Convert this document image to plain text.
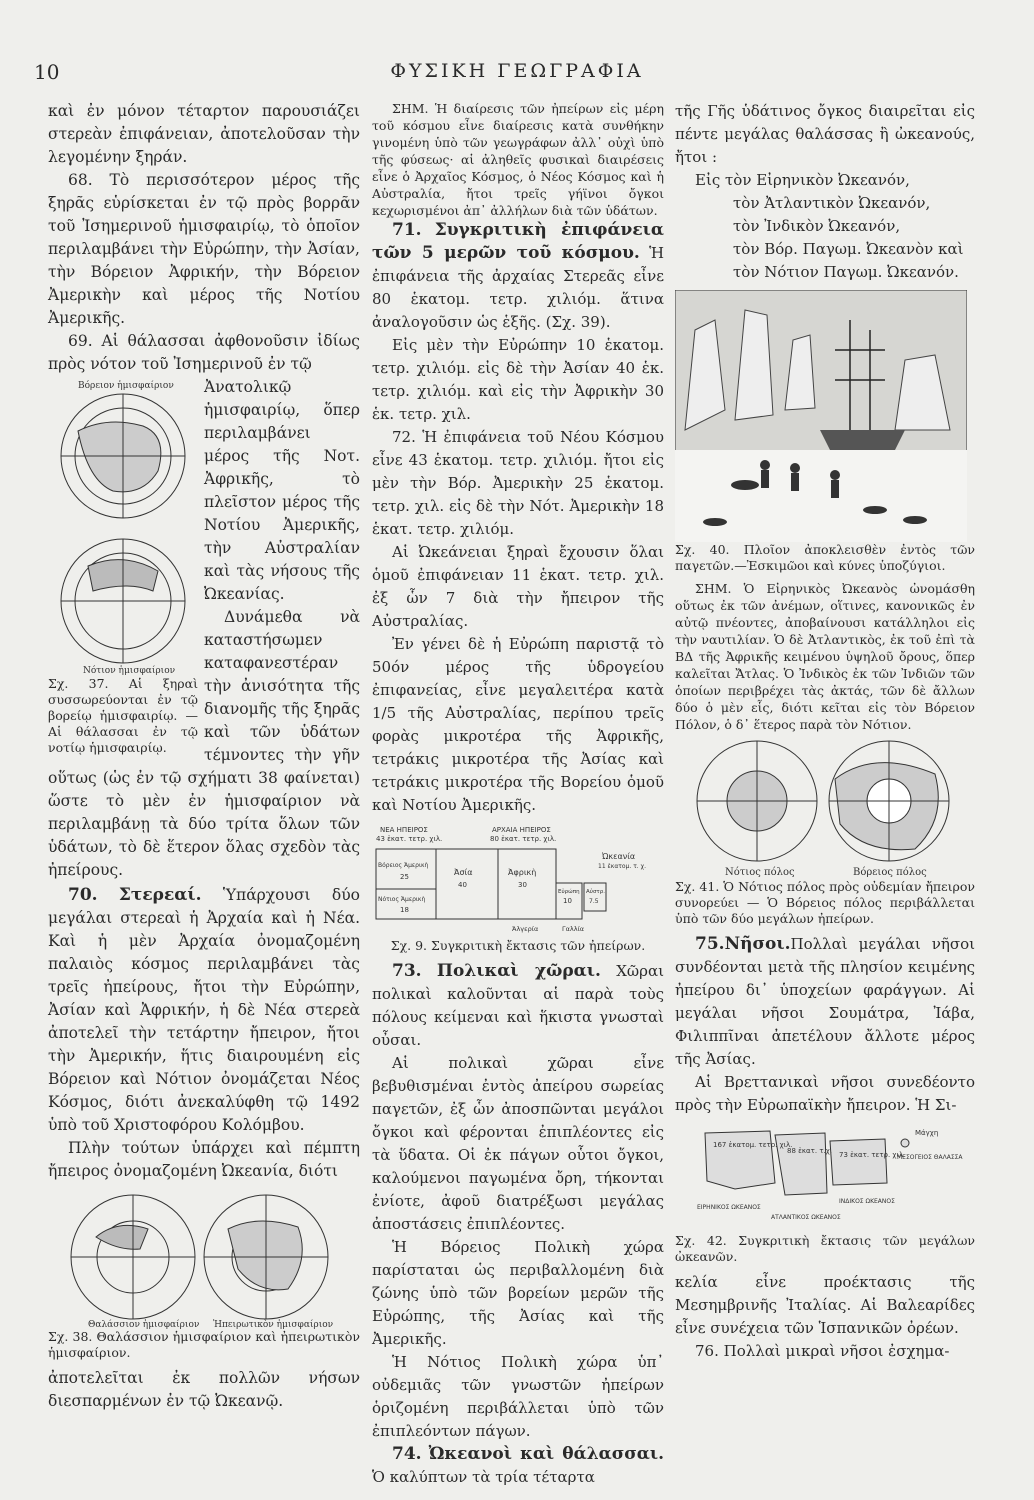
ΦΥΣΙΚΗ ΓΕΩΓΡΑΦΙΑ
10

καὶ ἐν μόνον τέταρτον παρουσιάζει στερεὰν ἐπιφάνειαν, ἀποτελοῦσαν τὴν λεγομένην ξηράν.

68. Τὸ περισσότερον μέρος τῆς ξηρᾶς εὑρίσκεται ἐν τῷ πρὸς βορρᾶν τοῦ Ἰσημερινοῦ ἡμισφαιρίῳ, τὸ ὁποῖον περιλαμβάνει τὴν Εὐρώπην, τὴν Ἀσίαν, τὴν Βόρειον Ἀφρικήν, τὴν Βόρειον Ἀμερικὴν καὶ μέρος τῆς Νοτίου Ἀμερικῆς.

69. Αἱ θάλασσαι ἀφθονοῦσιν ἰδίως πρὸς νότον τοῦ Ἰσημερινοῦ ἐν τῷ

Βόρειον ἡμισφαίριον
Νότιον ἡμισφαίριον

Σχ. 37. Αἱ ξηραὶ συσσωρεύονται ἐν τῷ βορείῳ ἡμισφαιρίῳ. — Αἱ θάλασσαι ἐν τῷ νοτίῳ ἡμισφαιρίῳ.

Ἀνατολικῷ ἡμισφαιρίῳ, ὅπερ περιλαμβάνει μέρος τῆς Νοτ. Ἀφρικῆς, τὸ πλεῖστον μέρος τῆς Νοτίου Ἀμερικῆς, τὴν Αὐστραλίαν καὶ τὰς νήσους τῆς Ὠκεανίας.

Δυνάμεθα νὰ καταστήσωμεν καταφανεστέραν τὴν ἀνισότητα τῆς διανομῆς τῆς ξηρᾶς καὶ τῶν ὑδάτων τέμνοντες τὴν γῆν οὕτως (ὡς ἐν τῷ σχήματι 38 φαίνεται) ὥστε τὸ μὲν ἐν ἡμισφαίριον νὰ περιλαμβάνῃ τὰ δύο τρίτα ὅλων τῶν ὑδάτων, τὸ δὲ ἕτερον ὅλας σχεδὸν τὰς ἠπείρους.

70. Στερεαί. Ὑπάρχουσι δύο μεγάλαι στερεαὶ ἡ Ἀρχαία καὶ ἡ Νέα. Καὶ ἡ μὲν Ἀρχαία ὀνομαζομένη παλαιὸς κόσμος περιλαμβάνει τὰς τρεῖς ἠπείρους, ἤτοι τὴν Εὐρώπην, Ἀσίαν καὶ Ἀφρικήν, ἡ δὲ Νέα στερεὰ ἀποτελεῖ τὴν τετάρτην ἤπειρον, ἤτοι τὴν Ἀμερικήν, ἥτις διαιρουμένη εἰς Βόρειον καὶ Νότιον ὀνομάζεται Νέος Κόσμος, διότι ἀνεκαλύφθη τῷ 1492 ὑπὸ τοῦ Χριστοφόρου Κολόμβου.

Πλὴν τούτων ὑπάρχει καὶ πέμπτη ἤπειρος ὀνομαζομένη Ὠκεανία, διότι

Θαλάσσιον ἡμισφαίριον Ἠπειρωτικὸν ἡμισφαίριον

Σχ. 38. Θαλάσσιον ἡμισφαίριον καὶ ἠπειρωτικὸν ἡμισφαίριον.

ἀποτελεῖται ἐκ πολλῶν νήσων διεσπαρμένων ἐν τῷ Ὠκεανῷ.

ΣΗΜ. Ἡ διαίρεσις τῶν ἠπείρων εἰς μέρη τοῦ κόσμου εἶνε διαίρεσις κατὰ συνθήκην γινομένη ὑπὸ τῶν γεωγράφων ἀλλ᾽ οὐχὶ ὑπὸ τῆς φύσεως· αἱ ἀληθεῖς φυσικαὶ διαιρέσεις εἶνε ὁ Ἀρχαῖος Κόσμος, ὁ Νέος Κόσμος καὶ ἡ Αὐστραλία, ἤτοι τρεῖς γήϊνοι ὄγκοι κεχωρισμένοι ἀπ᾽ ἀλλήλων διὰ τῶν ὑδάτων.

71. Συγκριτικὴ ἐπιφάνεια τῶν 5 μερῶν τοῦ κόσμου. Ἡ ἐπιφάνεια τῆς ἀρχαίας Στερεᾶς εἶνε 80 ἑκατομ. τετρ. χιλιόμ. ἅτινα ἀναλογοῦσιν ὡς ἑξῆς. (Σχ. 39).

Εἰς μὲν τὴν Εὐρώπην 10 ἑκατομ. τετρ. χιλιόμ. εἰς δὲ τὴν Ἀσίαν 40 ἑκ. τετρ. χιλιόμ. καὶ εἰς τὴν Ἀφρικὴν 30 ἑκ. τετρ. χιλ.

72. Ἡ ἐπιφάνεια τοῦ Νέου Κόσμου εἶνε 43 ἑκατομ. τετρ. χιλιόμ. ἤτοι εἰς μὲν τὴν Βόρ. Ἀμερικὴν 25 ἑκατομ. τετρ. χιλ. εἰς δὲ τὴν Νότ. Ἀμερικὴν 18 ἑκατ. τετρ. χιλιόμ.

Αἱ Ὠκεάνειαι ξηραὶ ἔχουσιν ὅλαι ὁμοῦ ἐπιφάνειαν 11 ἑκατ. τετρ. χιλ. ἐξ ὧν 7 διὰ τὴν ἤπειρον τῆς Αὐστραλίας.

Ἐν γένει δὲ ἡ Εὐρώπη παριστᾷ τὸ 50όν μέρος τῆς ὑδρογείου ἐπιφανείας, εἶνε μεγαλειτέρα κατὰ 1/5 τῆς Αὐστραλίας, περίπου τρεῖς φορὰς μικροτέρα τῆς Ἀφρικῆς, τετράκις μικροτέρα τῆς Ἀσίας καὶ τετράκις μικροτέρα τῆς Βορείου ὁμοῦ καὶ Νοτίου Ἀμερικῆς.

ΝΕΑ ΗΠΕΙΡΟΣ
43 ἑκατ. τετρ. χιλ.
ΑΡΧΑΙΑ ΗΠΕΙΡΟΣ
80 ἑκατ. τετρ. χιλ.
Βόρειος Ἀμερικὴ
25
Νότιος Ἀμερικὴ
18
Ἀσία
40
Ἀφρικὴ
30
Εὐρώπη
10
Ὠκεανία
11 ἑκατομ. τ. χ.
Αὐστρ.
7.5
Ἀλγερία	Γαλλία

Σχ. 9. Συγκριτικὴ ἔκτασις τῶν ἠπείρων.

73. Πολικαὶ χῶραι. Χῶραι πολικαὶ καλοῦνται αἱ παρὰ τοὺς πόλους κείμεναι καὶ ἥκιστα γνωσταὶ οὖσαι.

Αἱ πολικαὶ χῶραι εἶνε βεβυθισμέναι ἐντὸς ἀπείρου σωρείας παγετῶν, ἐξ ὧν ἀποσπῶνται μεγάλοι ὄγκοι καὶ φέρονται ἐπιπλέοντες εἰς τὰ ὕδατα. Οἱ ἐκ πάγων οὗτοι ὄγκοι, καλούμενοι παγωμένα ὄρη, τήκονται ἐνίοτε, ἀφοῦ διατρέξωσι μεγάλας ἀποστάσεις ἐπιπλέοντες.

Ἡ Βόρειος Πολικὴ χώρα παρίσταται ὡς περιβαλλομένη διὰ ζώνης ὑπὸ τῶν βορείων μερῶν τῆς Εὐρώπης, τῆς Ἀσίας καὶ τῆς Ἀμερικῆς.

Ἡ Νότιος Πολικὴ χώρα ὑπ᾽ οὐδεμιᾶς τῶν γνωστῶν ἠπείρων ὁριζομένη περιβάλλεται ὑπὸ τῶν ἐπιπλεόντων πάγων.

74. Ὠκεανοὶ καὶ θάλασσαι. Ὁ καλύπτων τὰ τρία τέταρτα

τῆς Γῆς ὑδάτινος ὄγκος διαιρεῖται εἰς πέντε μεγάλας θαλάσσας ἢ ὠκεανούς, ἤτοι :

Εἰς τὸν Εἰρηνικὸν Ὠκεανόν,

τὸν Ἀτλαντικὸν Ὠκεανόν,

τὸν Ἰνδικὸν Ὠκεανόν,

τὸν Βόρ. Παγωμ. Ὠκεανὸν καὶ

τὸν Νότιον Παγωμ. Ὠκεανόν.

Σχ. 40. Πλοῖον ἀποκλεισθὲν ἐντὸς τῶν παγετῶν.—Ἐσκιμῶοι καὶ κύνες ὑποζύγιοι.

ΣΗΜ. Ὁ Εἰρηνικὸς Ὠκεανὸς ὠνομάσθη οὕτως ἐκ τῶν ἀνέμων, οἵτινες, κανονικῶς ἐν αὐτῷ πνέοντες, ἀποβαίνουσι κατάλληλοι εἰς τὴν ναυτιλίαν. Ὁ δὲ Ἀτλαντικὸς, ἐκ τοῦ ἐπὶ τὰ ΒΔ τῆς Ἀφρικῆς κειμένου ὑψηλοῦ ὄρους, ὅπερ καλεῖται Ἄτλας. Ὁ Ἰνδικὸς ἐκ τῶν Ἰνδιῶν τῶν ὁποίων περιβρέχει τὰς ἀκτάς, τῶν δὲ ἄλλων δύο ὁ μὲν εἷς, διότι κεῖται εἰς τὸν Βόρειον Πόλον, ὁ δ᾽ ἕτερος παρὰ τὸν Νότιον.

Νότιος πόλος	Βόρειος πόλος

Σχ. 41. Ὁ Νότιος πόλος πρὸς οὐδεμίαν ἤπειρον συνορεύει — Ὁ Βόρειος πόλος περιβάλλεται ὑπὸ τῶν δύο μεγάλων ἠπείρων.

75.Νῆσοι.Πολλαὶ μεγάλαι νῆσοι συνδέονται μετὰ τῆς πλησίον κειμένης ἠπείρου δι᾽ ὑποχείων φαράγγων. Αἱ μεγάλαι νῆσοι Σουμάτρα, Ἰάβα, Φιλιππῖναι ἀπετέλουν ἄλλοτε μέρος τῆς Ἀσίας.

Αἱ Βρεττανικαὶ νῆσοι συνεδέοντο πρὸς τὴν Εὐρωπαϊκὴν ἤπειρον. Ἡ Σι-

167 ἑκατομ. τετρ. χιλ.
88 ἑκατ. τ.χ. 73 ἑκατ. τετρ. χιλ.
Μάγχη
ΜΕΣΟΓΕΙΟΣ ΘΑΛΑΣΣΑ
ΕΙΡΗΝΙΚΟΣ ΩΚΕΑΝΟΣ
ΑΤΛΑΝΤΙΚΟΣ ΩΚΕΑΝΟΣ
ΙΝΔΙΚΟΣ ΩΚΕΑΝΟΣ

Σχ. 42. Συγκριτικὴ ἔκτασις τῶν μεγάλων ὠκεανῶν.

κελία εἶνε προέκτασις τῆς Μεσημβρινῆς Ἰταλίας. Αἱ Βαλεαρίδες εἶνε συνέχεια τῶν Ἱσπανικῶν ὀρέων.

76. Πολλαὶ μικραὶ νῆσοι ἐσχημα-
